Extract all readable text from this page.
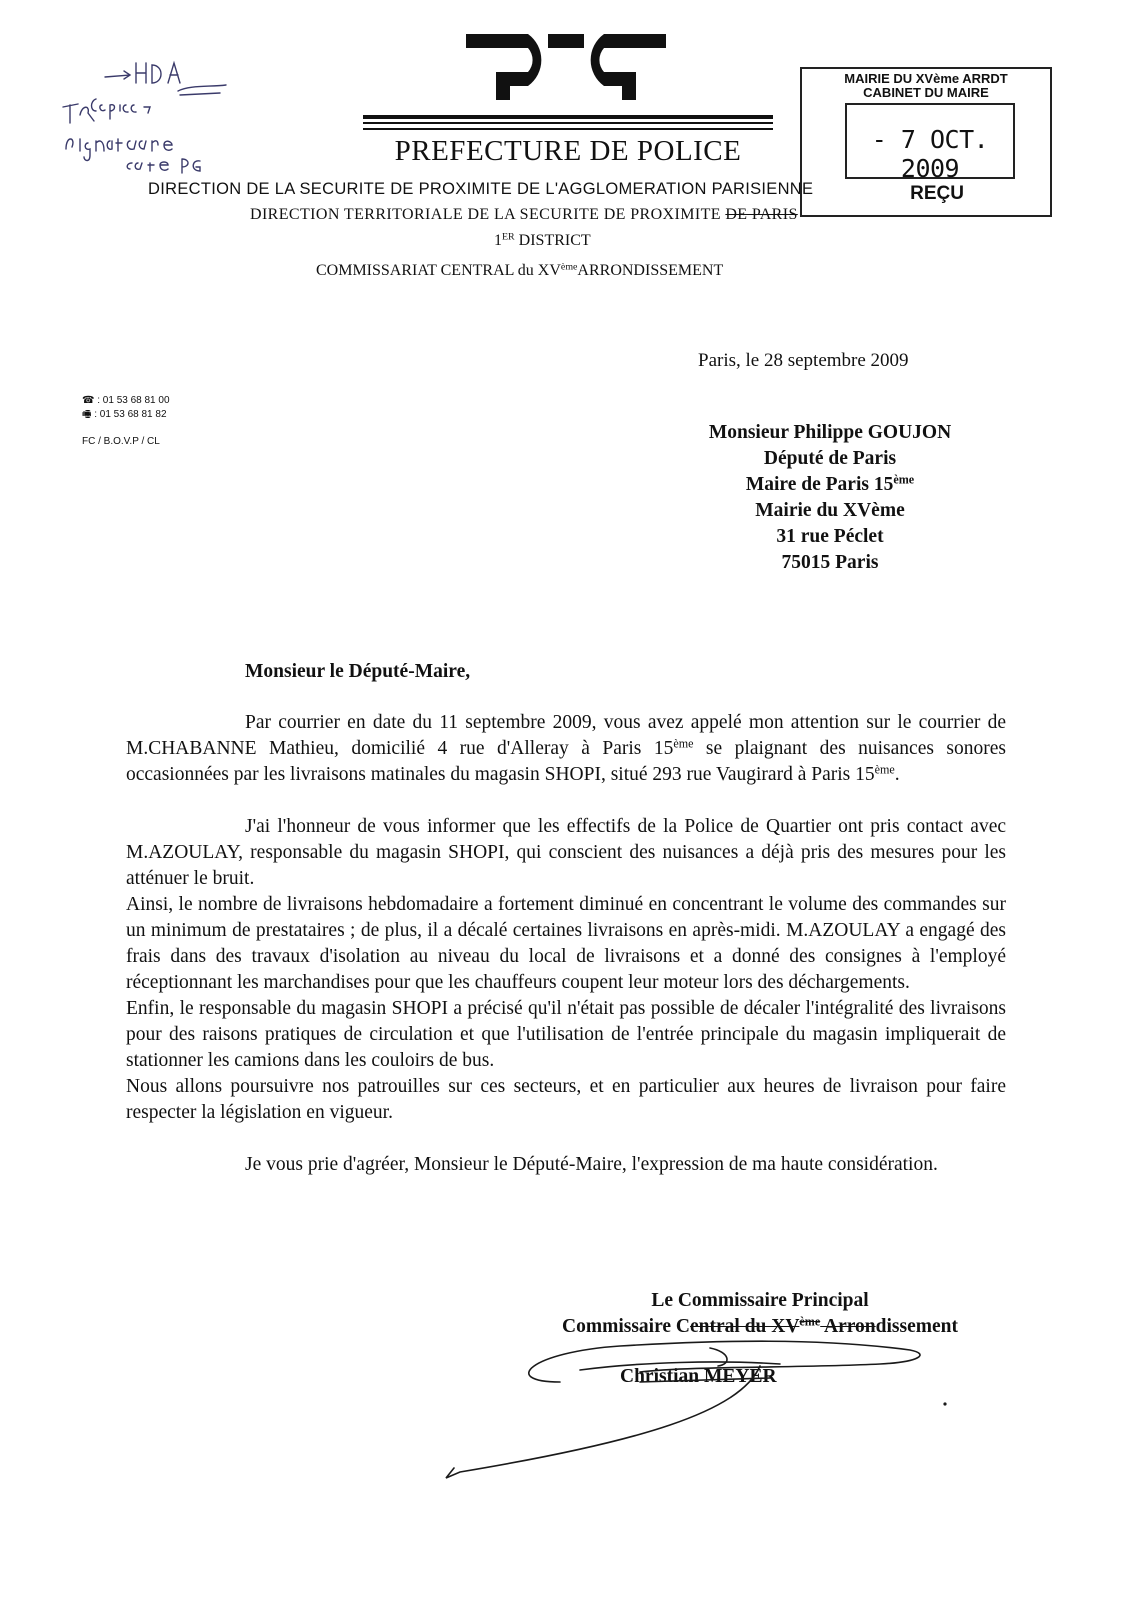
PREFECTURE DE POLICE
DIRECTION DE LA SECURITE DE PROXIMITE DE L'AGGLOMERATION PARISIENNE
DIRECTION TERRITORIALE DE LA SECURITE DE PROXIMITE DE PARIS
1ER DISTRICT
COMMISSARIAT CENTRAL du XVèmeARRONDISSEMENT
MAIRIE DU XVème ARRDT
CABINET DU MAIRE
- 7 OCT. 2009
REÇU
Paris, le 28 septembre 2009
☎ : 01 53 68 81 00
🖷 : 01 53 68 81 82
FC / B.O.V.P / CL	Monsieur Philippe GOUJON
Député de Paris
Maire de Paris 15ème
Mairie du XVème
31 rue Péclet
75015 Paris
Monsieur le Député-Maire,

Par courrier en date du 11 septembre 2009, vous avez appelé mon attention sur le courrier de M.CHABANNE Mathieu, domicilié 4 rue d'Alleray à Paris 15ème se plaignant des nuisances sonores occasionnées par les livraisons matinales du magasin SHOPI, situé 293 rue Vaugirard à Paris 15ème.

J'ai l'honneur de vous informer que les effectifs de la Police de Quartier ont pris contact avec M.AZOULAY, responsable du magasin SHOPI, qui conscient des nuisances a déjà pris des mesures pour les atténuer le bruit.

Ainsi, le nombre de livraisons hebdomadaire a fortement diminué en concentrant le volume des commandes sur un minimum de prestataires ; de plus, il a décalé certaines livraisons en après-midi. M.AZOULAY a engagé des frais dans des travaux d'isolation au niveau du local de livraisons et a donné des consignes à l'employé réceptionnant les marchandises pour que les chauffeurs coupent leur moteur lors des déchargements.

Enfin, le responsable du magasin SHOPI a précisé qu'il n'était pas possible de décaler l'intégralité des livraisons pour des raisons pratiques de circulation et que l'utilisation de l'entrée principale du magasin impliquerait de stationner les camions dans les couloirs de bus.

Nous allons poursuivre nos patrouilles sur ces secteurs, et en particulier aux heures de livraison pour faire respecter la législation en vigueur.

Je vous prie d'agréer, Monsieur le Député-Maire, l'expression de ma haute considération.

Le Commissaire Principal
Commissaire Central du XVème Arrondissement
Christian MEYER
